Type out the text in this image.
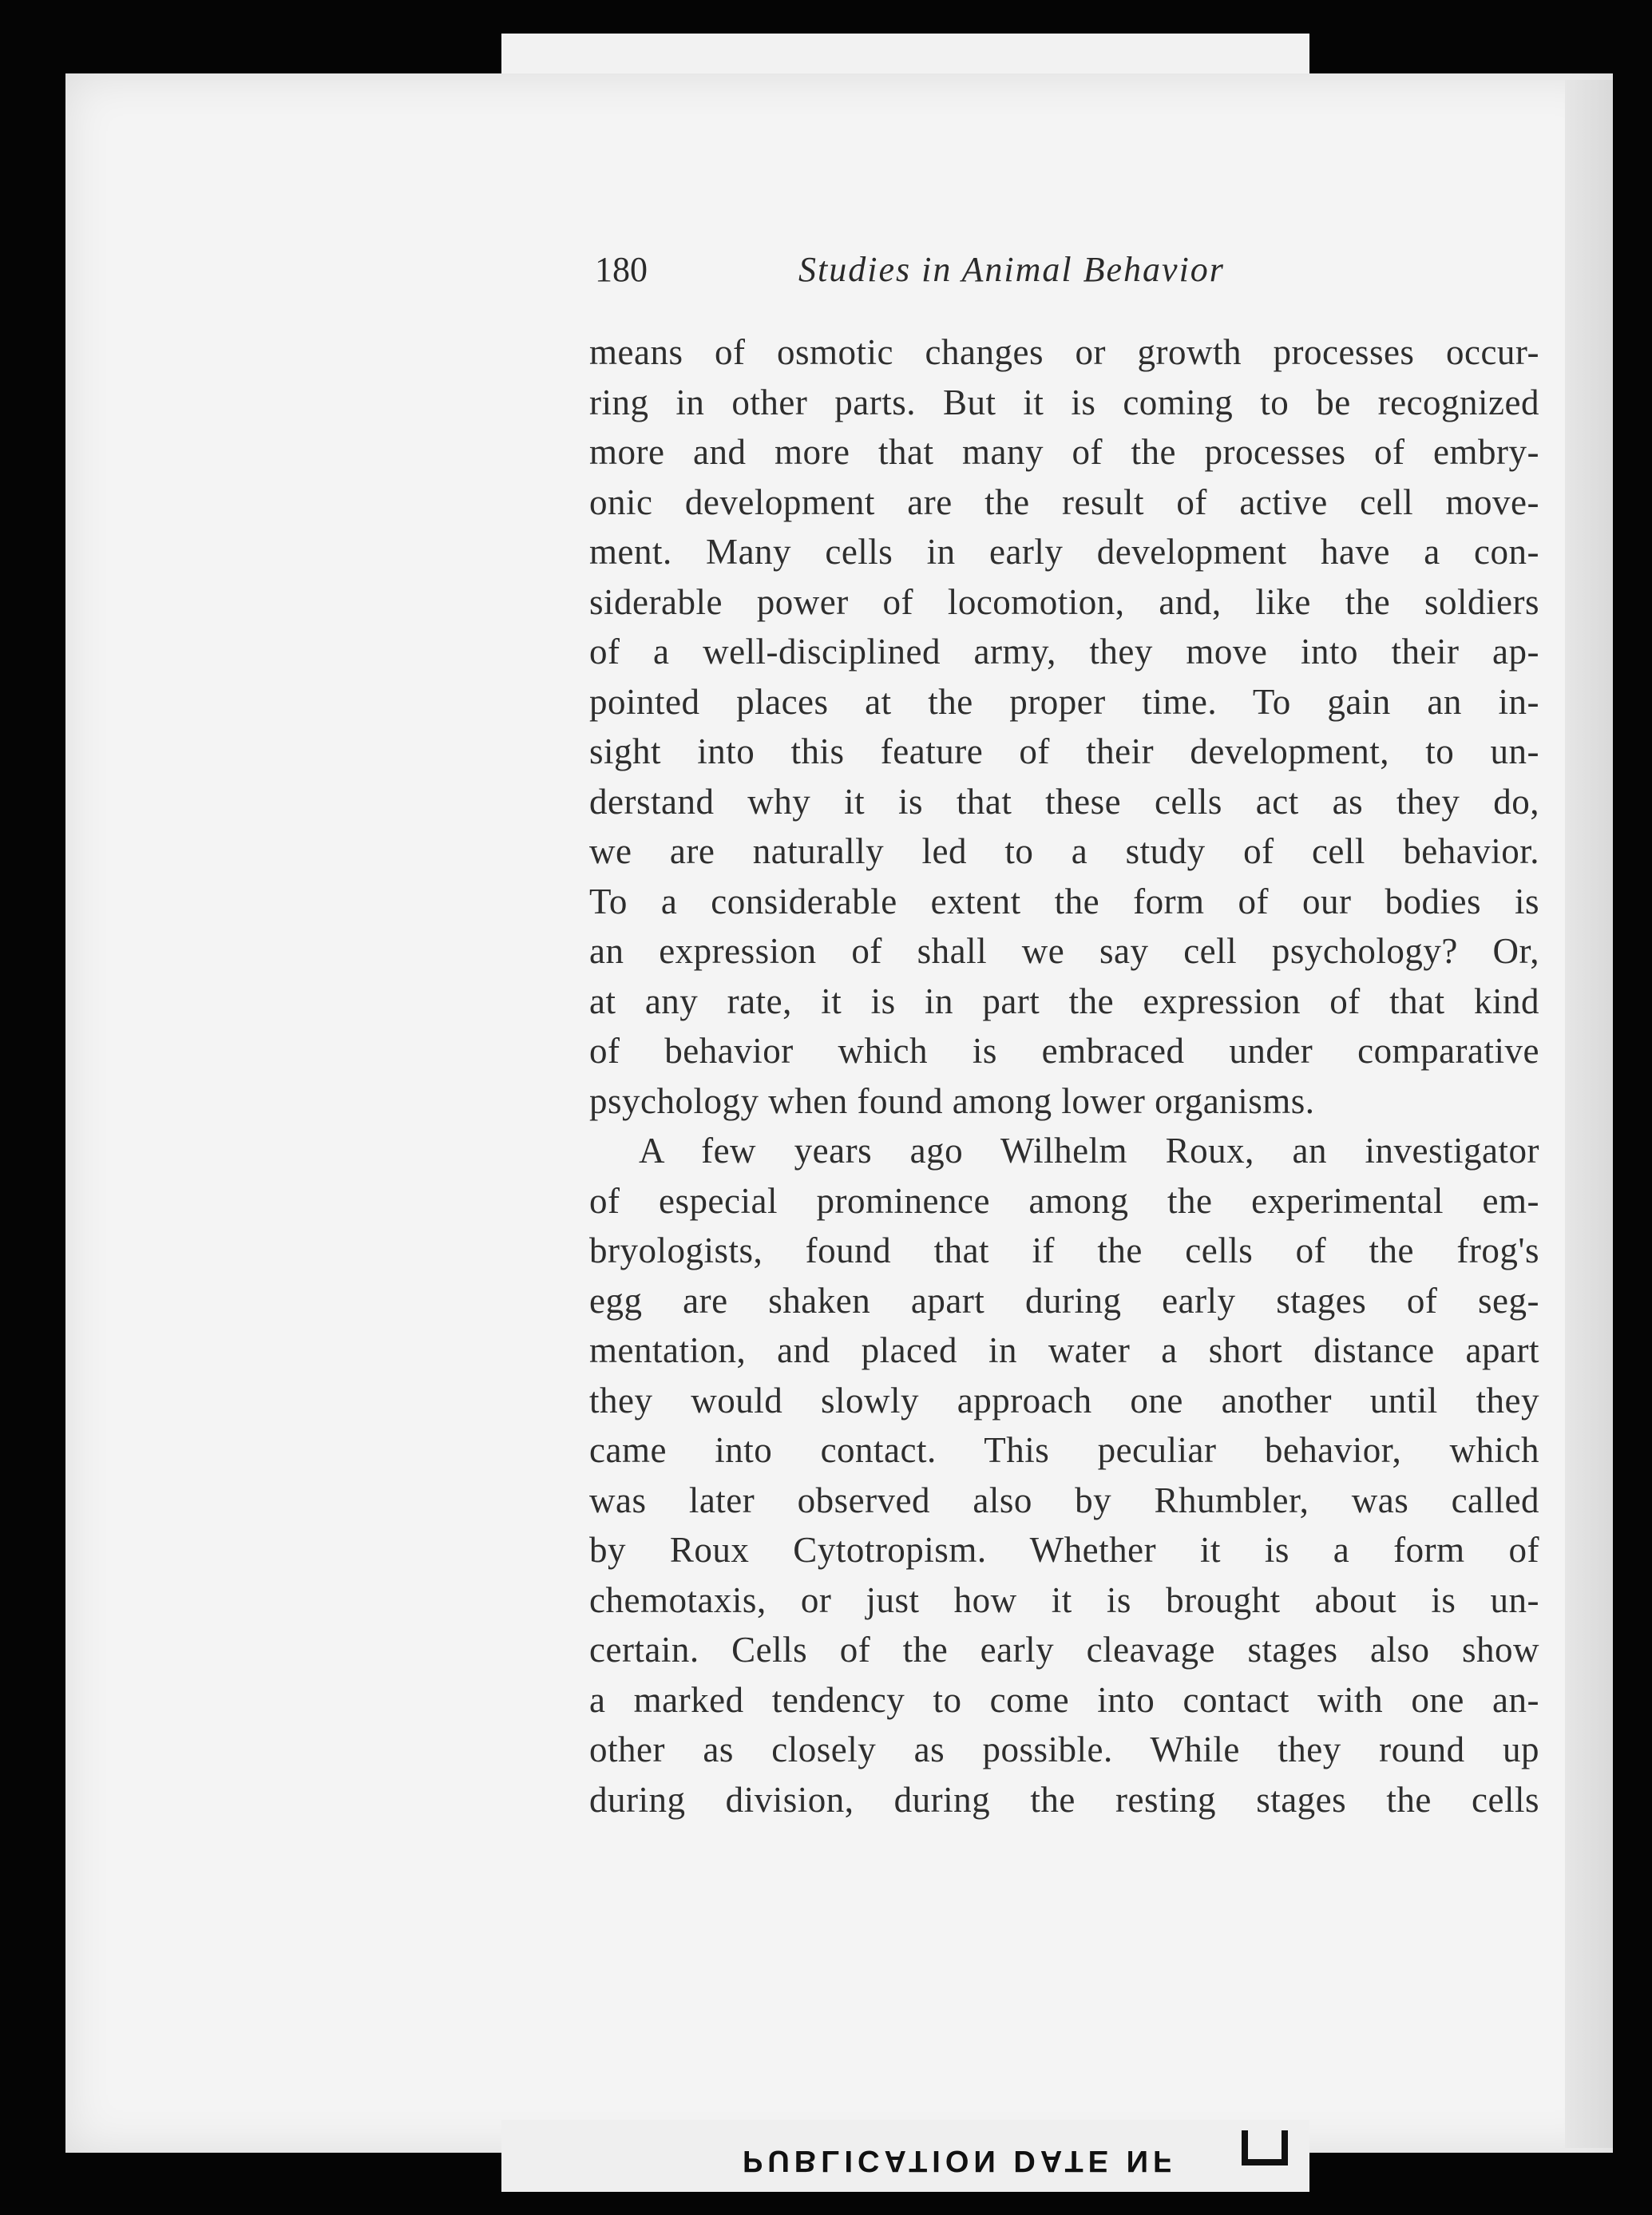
180	Studies in Animal Behavior
means of osmotic changes or growth processes occur-
ring in other parts. But it is coming to be recognized
more and more that many of the processes of embry-
onic development are the result of active cell move-
ment. Many cells in early development have a con-
siderable power of locomotion, and, like the soldiers
of a well-disciplined army, they move into their ap-
pointed places at the proper time. To gain an in-
sight into this feature of their development, to un-
derstand why it is that these cells act as they do,
we are naturally led to a study of cell behavior.
To a considerable extent the form of our bodies is
an expression of shall we say cell psychology? Or,
at any rate, it is in part the expression of that kind
of behavior which is embraced under comparative
psychology when found among lower organisms.
A few years ago Wilhelm Roux, an investigator
of especial prominence among the experimental em-
bryologists, found that if the cells of the frog's
egg are shaken apart during early stages of seg-
mentation, and placed in water a short distance apart
they would slowly approach one another until they
came into contact. This peculiar behavior, which
was later observed also by Rhumbler, was called
by Roux Cytotropism. Whether it is a form of
chemotaxis, or just how it is brought about is un-
certain. Cells of the early cleavage stages also show
a marked tendency to come into contact with one an-
other as closely as possible. While they round up
during division, during the resting stages the cells
PUBLICATION DATE NF
